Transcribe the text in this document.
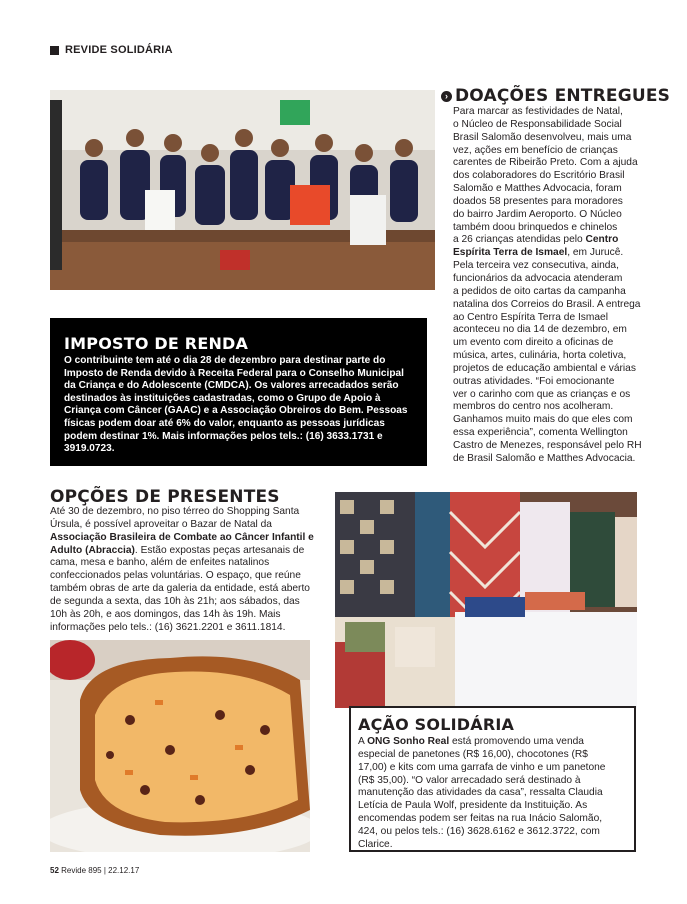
REVIDE SOLIDÁRIA
› DOAÇÕES ENTREGUES
Para marcar as festividades de Natal,
o Núcleo de Responsabilidade Social
Brasil Salomão desenvolveu, mais uma
vez, ações em benefício de crianças
carentes de Ribeirão Preto. Com a ajuda
dos colaboradores do Escritório Brasil
Salomão e Matthes Advocacia, foram
doados 58 presentes para moradores
do bairro Jardim Aeroporto. O Núcleo
também doou brinquedos e chinelos
a 26 crianças atendidas pelo Centro
Espírita Terra de Ismael, em Jurucê.
Pela terceira vez consecutiva, ainda,
funcionários da advocacia atenderam
a pedidos de oito cartas da campanha
natalina dos Correios do Brasil. A entrega
ao Centro Espírita Terra de Ismael
aconteceu no dia 14 de dezembro, em
um evento com direito a oficinas de
música, artes, culinária, horta coletiva,
projetos de educação ambiental e várias
outras atividades. “Foi emocionante
ver o carinho com que as crianças e os
membros do centro nos acolheram.
Ganhamos muito mais do que eles com
essa experiência”, comenta Wellington
Castro de Menezes, responsável pelo RH
de Brasil Salomão e Matthes Advocacia.
IMPOSTO DE RENDA
O contribuinte tem até o dia 28 de dezembro para destinar parte do Imposto de Renda devido à Receita Federal para o Conselho Municipal da Criança e do Adolescente (CMDCA). Os valores arrecadados serão destinados às instituições cadastradas, como o Grupo de Apoio à Criança com Câncer (GAAC) e a Associação Obreiros do Bem. Pessoas físicas podem doar até 6% do valor, enquanto as pessoas jurídicas podem destinar 1%. Mais informações pelos tels.: (16) 3633.1731 e 3919.0723.
OPÇÕES DE PRESENTES
Até 30 de dezembro, no piso térreo do Shopping Santa Úrsula, é possível aproveitar o Bazar de Natal da Associação Brasileira de Combate ao Câncer Infantil e Adulto (Abraccia). Estão expostas peças artesanais de cama, mesa e banho, além de enfeites natalinos confeccionados pelas voluntárias. O espaço, que reúne também obras de arte da galeria da entidade, está aberto de segunda a sexta, das 10h às 21h; aos sábados, das 10h às 20h, e aos domingos, das 14h às 19h. Mais informações pelo tels.: (16) 3621.2201 e 3611.1814.
AÇÃO SOLIDÁRIA
A ONG Sonho Real está promovendo uma venda especial de panetones (R$ 16,00), chocotones (R$ 17,00) e kits com uma garrafa de vinho e um panetone (R$ 35,00). “O valor arrecadado será destinado à manutenção das atividades da casa”, ressalta Claudia Letícia de Paula Wolf, presidente da Instituição. As encomendas podem ser feitas na rua Inácio Salomão, 424, ou pelos tels.: (16) 3628.6162 e 3612.3722, com Clarice.
52 Revide 895 | 22.12.17
